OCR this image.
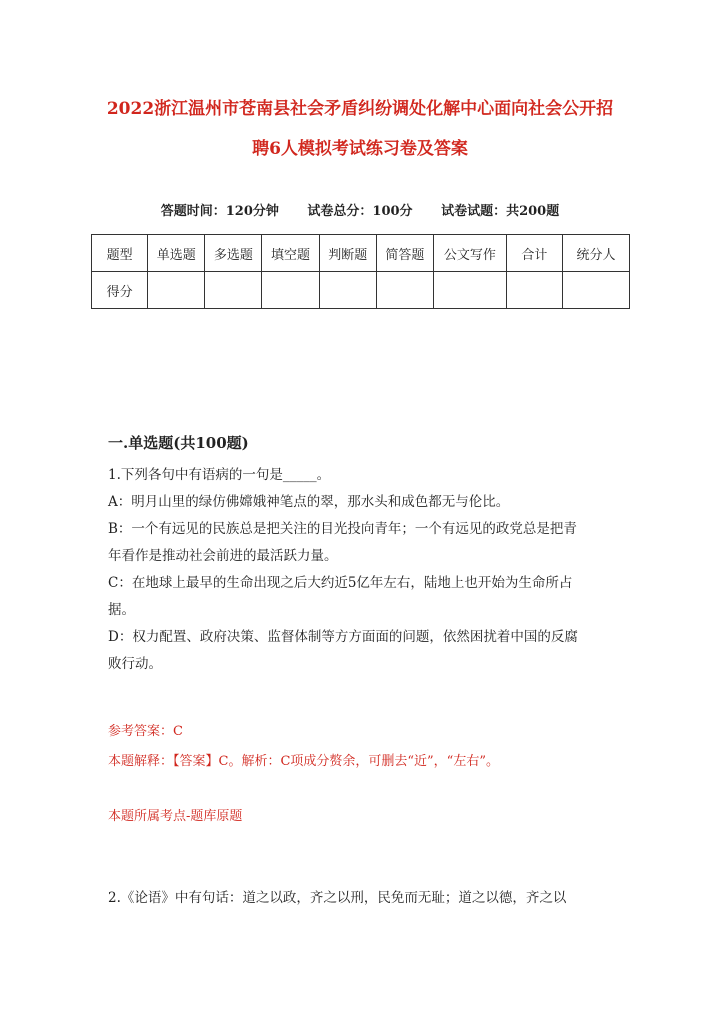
2022浙江温州市苍南县社会矛盾纠纷调处化解中心面向社会公开招
聘6人模拟考试练习卷及答案
答题时间：120分钟 试卷总分：100分 试卷试题：共200题
题型	单选题	多选题	填空题	判断题	简答题	公文写作	合计	统分人
得分								
一.单选题(共100题)
1.下列各句中有语病的一句是_____。
A：明月山里的绿仿佛嫦娥神笔点的翠，那水头和成色都无与伦比。
B：一个有远见的民族总是把关注的目光投向青年；一个有远见的政党总是把青
年看作是推动社会前进的最活跃力量。
C：在地球上最早的生命出现之后大约近5亿年左右，陆地上也开始为生命所占
据。
D：权力配置、政府决策、监督体制等方方面面的问题，依然困扰着中国的反腐
败行动。
参考答案：C
本题解释：【答案】C。解析：C项成分赘余，可删去“近”，“左右”。
本题所属考点-题库原题
2.《论语》中有句话：道之以政，齐之以刑，民免而无耻；道之以德，齐之以
